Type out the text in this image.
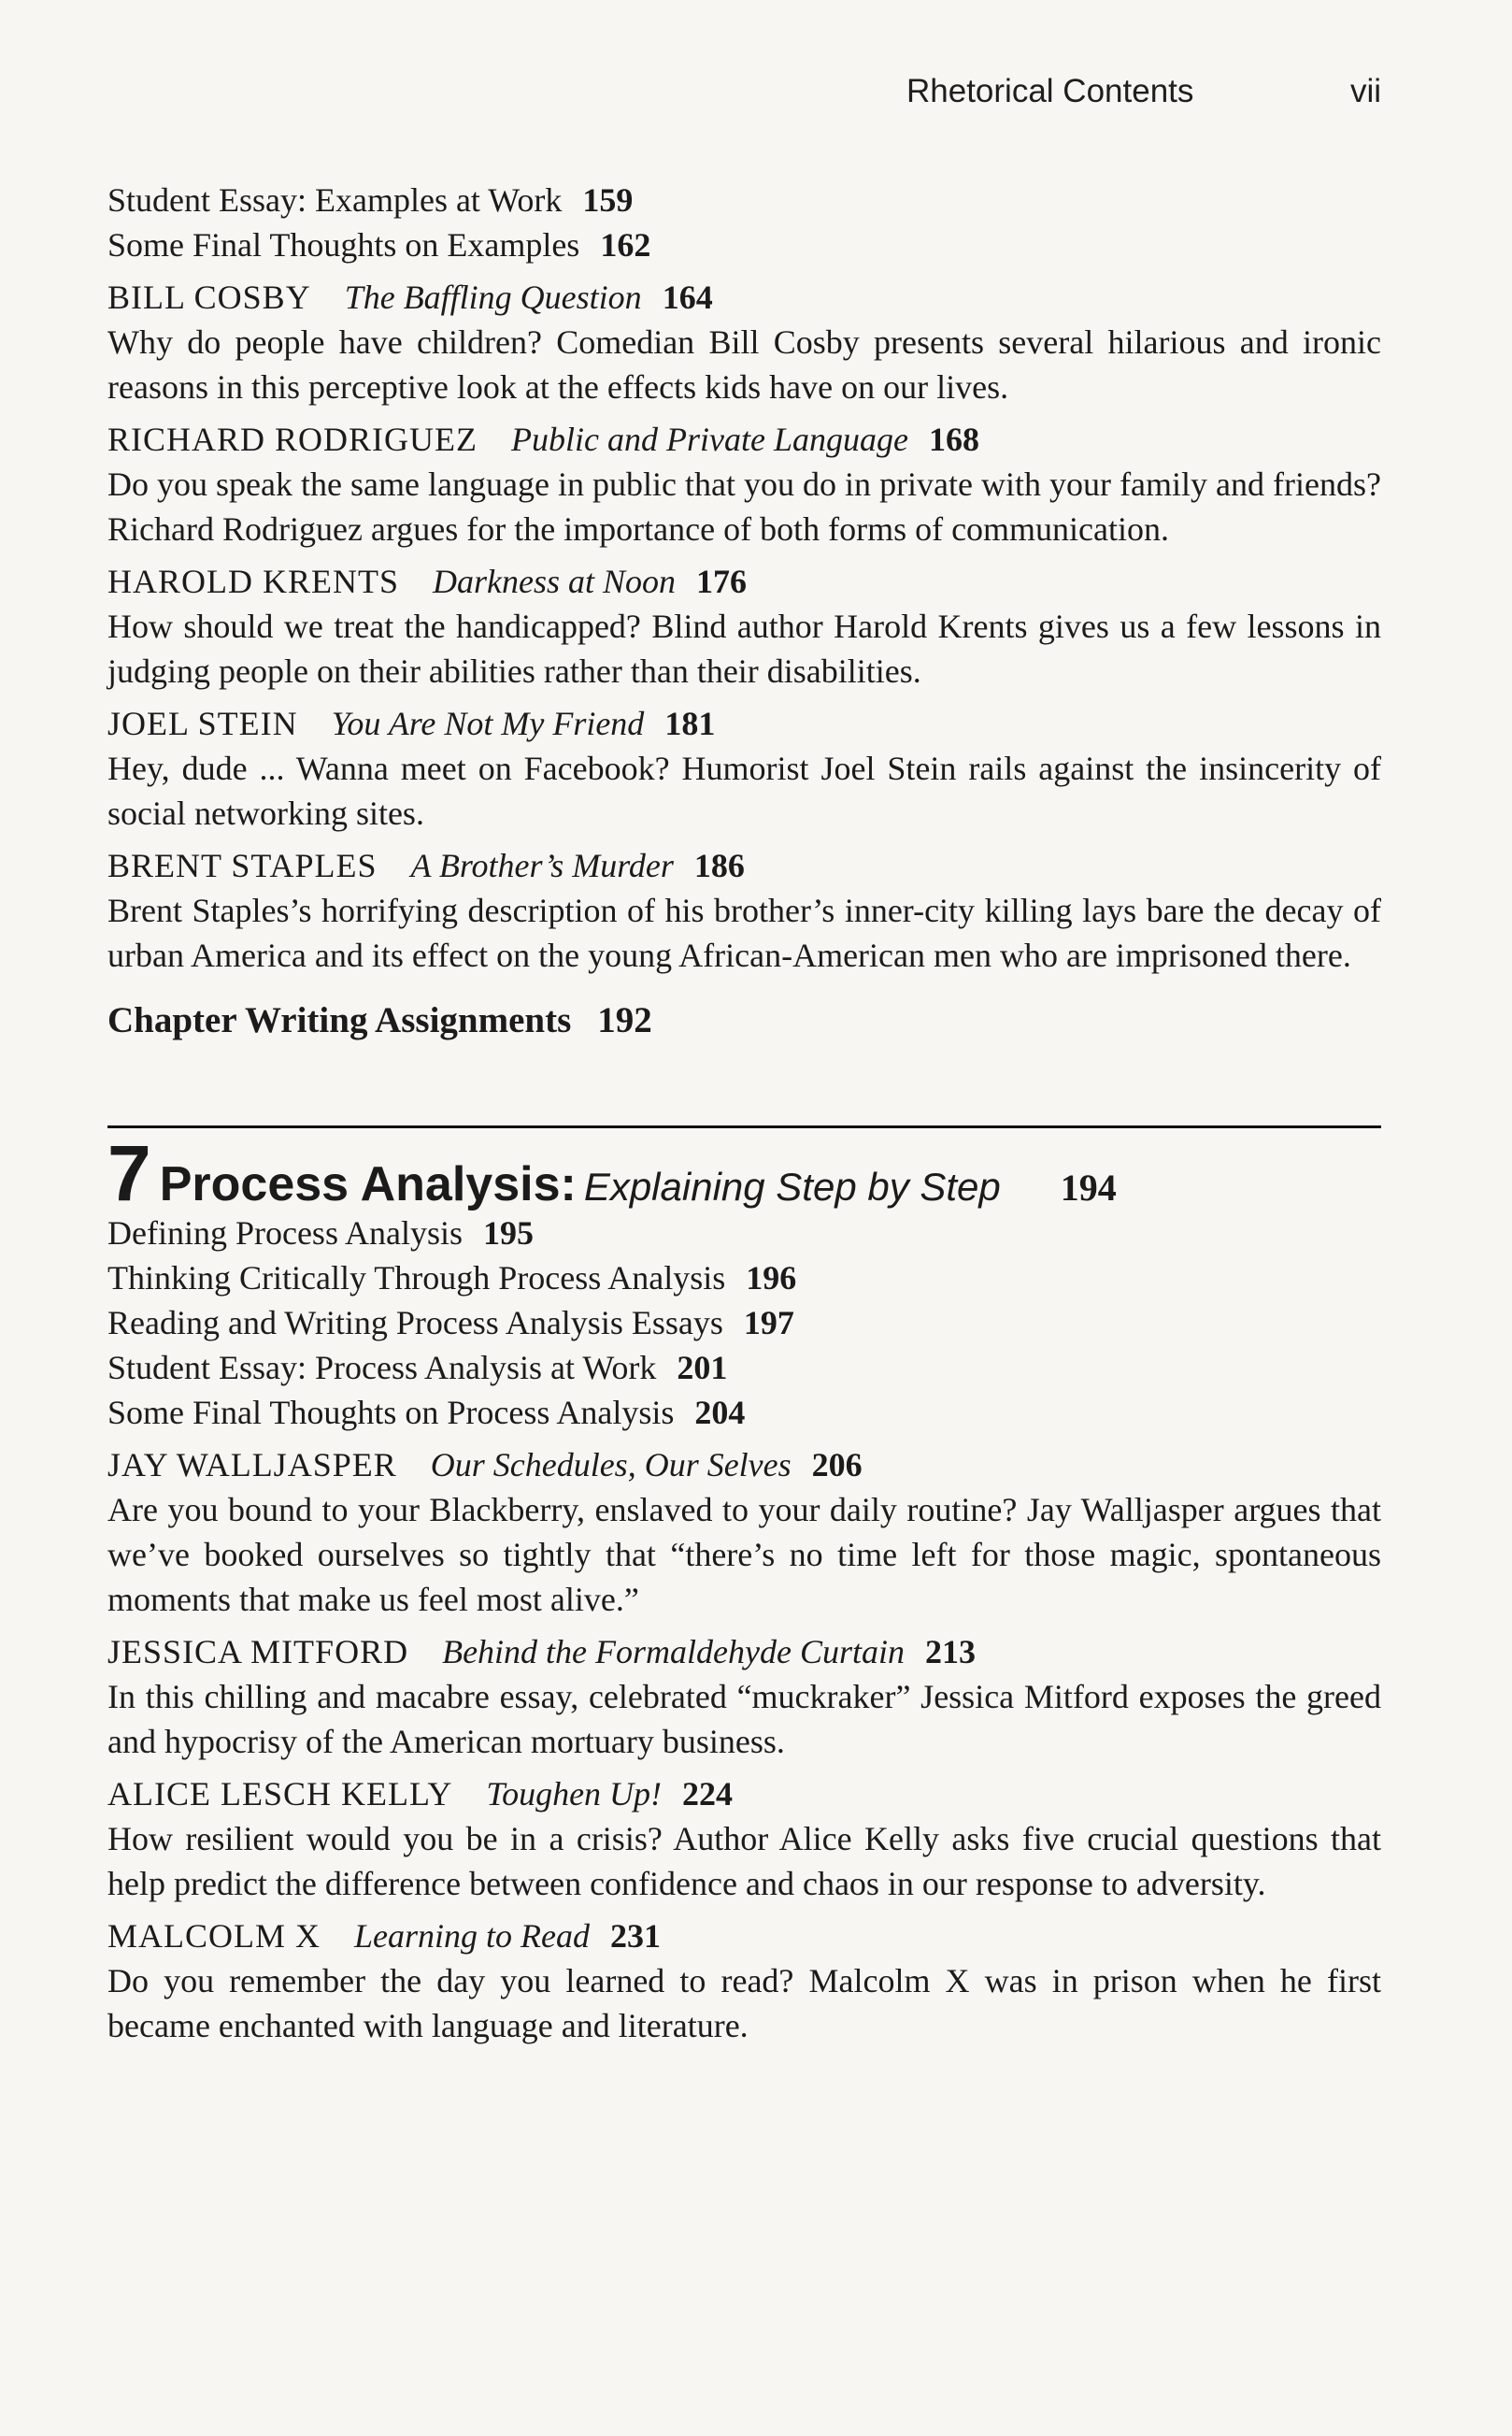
Rhetorical Contents	vii
Student Essay: Examples at Work 159
Some Final Thoughts on Examples 162
BILL COSBY The Baffling Question 164
Why do people have children? Comedian Bill Cosby presents several hilarious and ironic reasons in this perceptive look at the effects kids have on our lives.
RICHARD RODRIGUEZ Public and Private Language 168
Do you speak the same language in public that you do in private with your family and friends? Richard Rodriguez argues for the importance of both forms of communication.
HAROLD KRENTS Darkness at Noon 176
How should we treat the handicapped? Blind author Harold Krents gives us a few lessons in judging people on their abilities rather than their disabilities.
JOEL STEIN You Are Not My Friend 181
Hey, dude ... Wanna meet on Facebook? Humorist Joel Stein rails against the insincerity of social networking sites.
BRENT STAPLES A Brother’s Murder 186
Brent Staples’s horrifying description of his brother’s inner-city killing lays bare the decay of urban America and its effect on the young African-American men who are imprisoned there.
Chapter Writing Assignments 192
7 Process Analysis: Explaining Step by Step 194
Defining Process Analysis 195
Thinking Critically Through Process Analysis 196
Reading and Writing Process Analysis Essays 197
Student Essay: Process Analysis at Work 201
Some Final Thoughts on Process Analysis 204
JAY WALLJASPER Our Schedules, Our Selves 206
Are you bound to your Blackberry, enslaved to your daily routine? Jay Walljasper argues that we’ve booked ourselves so tightly that “there’s no time left for those magic, spontaneous moments that make us feel most alive.”
JESSICA MITFORD Behind the Formaldehyde Curtain 213
In this chilling and macabre essay, celebrated “muckraker” Jessica Mitford exposes the greed and hypocrisy of the American mortuary business.
ALICE LESCH KELLY Toughen Up! 224
How resilient would you be in a crisis? Author Alice Kelly asks five crucial questions that help predict the difference between confidence and chaos in our response to adversity.
MALCOLM X Learning to Read 231
Do you remember the day you learned to read? Malcolm X was in prison when he first became enchanted with language and literature.
